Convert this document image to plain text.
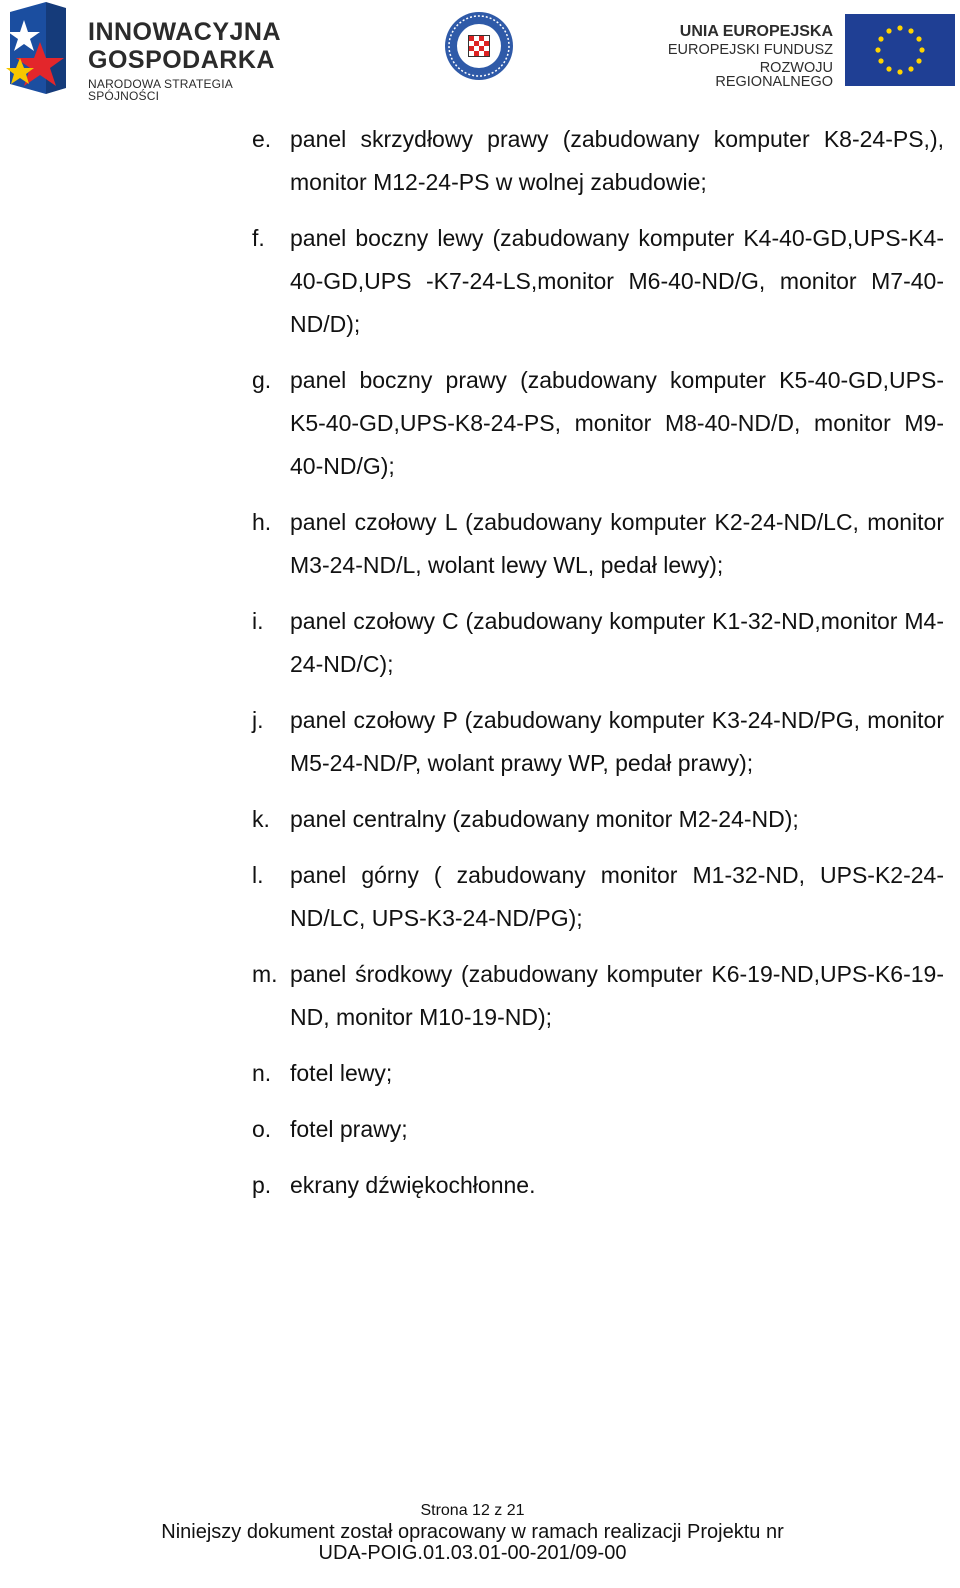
INNOWACYJNA
GOSPODARKA
NARODOWA STRATEGIA SPÓJNOŚCI
UNIA EUROPEJSKA
EUROPEJSKI FUNDUSZ
ROZWOJU REGIONALNEGO
e. panel skrzydłowy prawy (zabudowany komputer K8-24-PS,), monitor M12-24-PS w wolnej zabudowie;
f. panel boczny lewy (zabudowany komputer K4-40-GD,UPS-K4-40-GD,UPS -K7-24-LS,monitor M6-40-ND/G, monitor M7-40-ND/D);
g. panel boczny prawy (zabudowany komputer K5-40-GD,UPS-K5-40-GD,UPS-K8-24-PS, monitor M8-40-ND/D, monitor M9-40-ND/G);
h. panel czołowy L (zabudowany komputer K2-24-ND/LC, monitor M3-24-ND/L, wolant lewy WL, pedał lewy);
i. panel czołowy C (zabudowany komputer K1-32-ND,monitor M4-24-ND/C);
j. panel czołowy P (zabudowany komputer K3-24-ND/PG, monitor M5-24-ND/P, wolant prawy WP, pedał prawy);
k. panel centralny (zabudowany monitor M2-24-ND);
l. panel górny ( zabudowany monitor M1-32-ND, UPS-K2-24-ND/LC, UPS-K3-24-ND/PG);
m. panel środkowy (zabudowany komputer K6-19-ND,UPS-K6-19-ND, monitor M10-19-ND);
n. fotel lewy;
o. fotel prawy;
p. ekrany dźwiękochłonne.
Strona 12 z 21
Niniejszy dokument został opracowany w ramach realizacji Projektu nr
UDA-POIG.01.03.01-00-201/09-00
